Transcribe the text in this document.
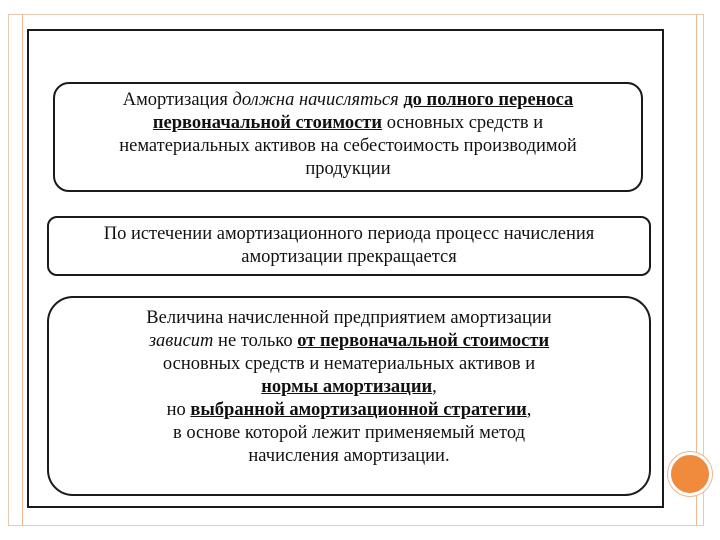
Амортизация должна начисляться до полного переноса
первоначальной стоимости основных средств и
нематериальных активов на себестоимость производимой
продукции
По истечении амортизационного периода процесс начисления
амортизации прекращается
Величина начисленной предприятием амортизации
зависит не только от первоначальной стоимости
основных средств и нематериальных активов и
нормы амортизации,
но выбранной амортизационной стратегии,
в основе которой лежит применяемый метод
начисления амортизации.
